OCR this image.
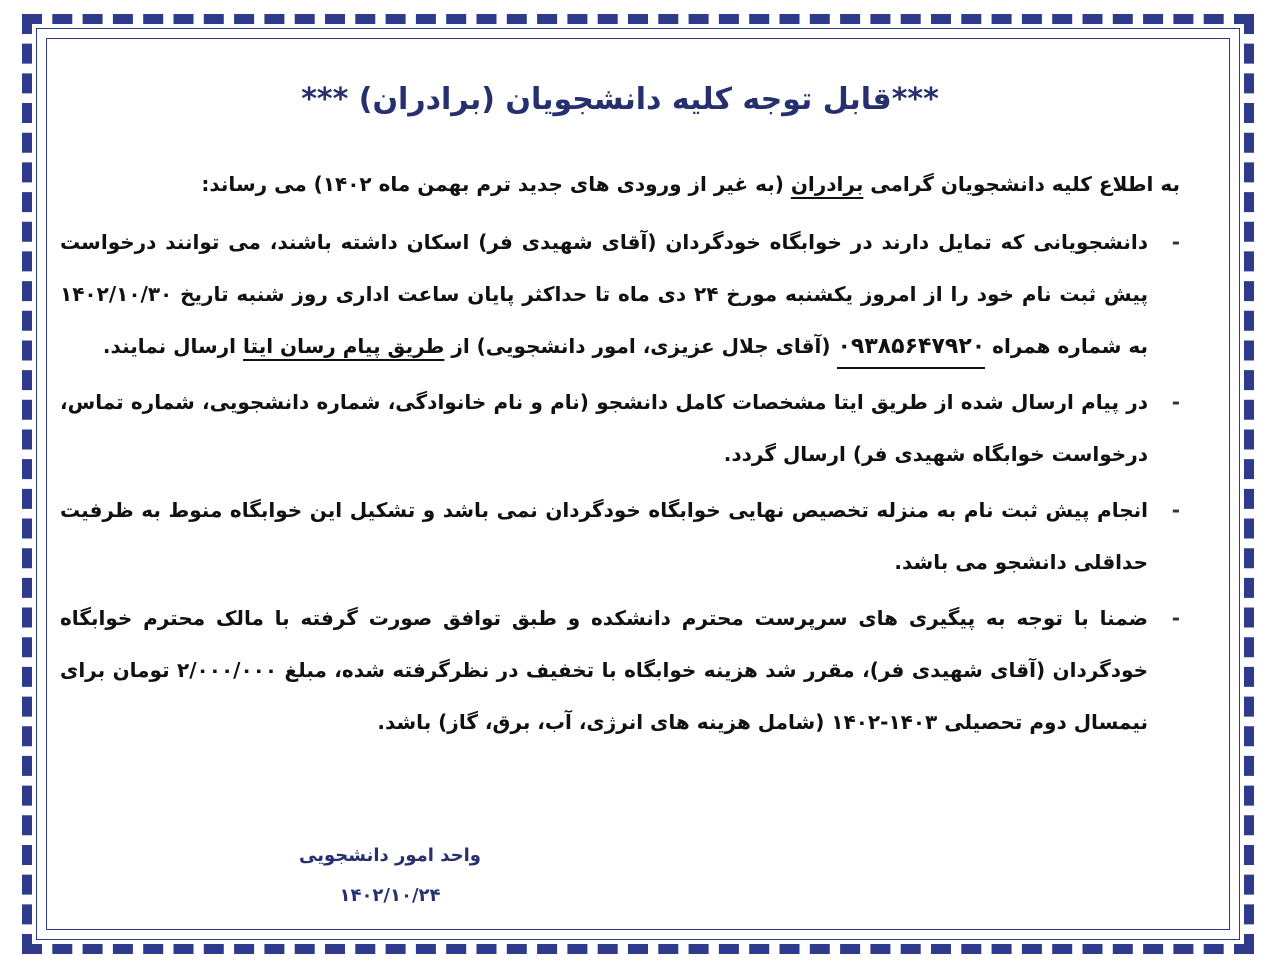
***قابل توجه کلیه دانشجویان (برادران) ***
به اطلاع کلیه دانشجویان گرامی برادران (به غیر از ورودی های جدید ترم بهمن ماه ۱۴۰۲) می رساند:
-
دانشجویانی که تمایل دارند در خوابگاه خودگردان (آقای شهیدی فر) اسکان داشته باشند، می توانند درخواست پیش ثبت نام خود را از امروز یکشنبه مورخ ۲۴ دی ماه تا حداکثر پایان ساعت اداری روز شنبه تاریخ ۱۴۰۲/۱۰/۳۰ به شماره همراه ۰۹۳۸۵۶۴۷۹۲۰ (آقای جلال عزیزی، امور دانشجویی) از طریق پیام رسان ایتا ارسال نمایند.
-
در پیام ارسال شده از طریق ایتا مشخصات کامل دانشجو (نام و نام خانوادگی، شماره دانشجویی، شماره تماس، درخواست خوابگاه شهیدی فر) ارسال گردد.
-
انجام پیش ثبت نام به منزله تخصیص نهایی خوابگاه خودگردان نمی باشد و تشکیل این خوابگاه منوط به ظرفیت حداقلی دانشجو می باشد.
-
ضمنا با توجه به پیگیری های سرپرست محترم دانشکده و طبق توافق صورت گرفته با مالک محترم خوابگاه خودگردان (آقای شهیدی فر)، مقرر شد هزینه خوابگاه با تخفیف در نظرگرفته شده، مبلغ ۲/۰۰۰/۰۰۰ تومان برای نیمسال دوم تحصیلی ۱۴۰۳-۱۴۰۲ (شامل هزینه های انرژی، آب، برق، گاز) باشد.
واحد امور دانشجویی
۱۴۰۲/۱۰/۲۴
